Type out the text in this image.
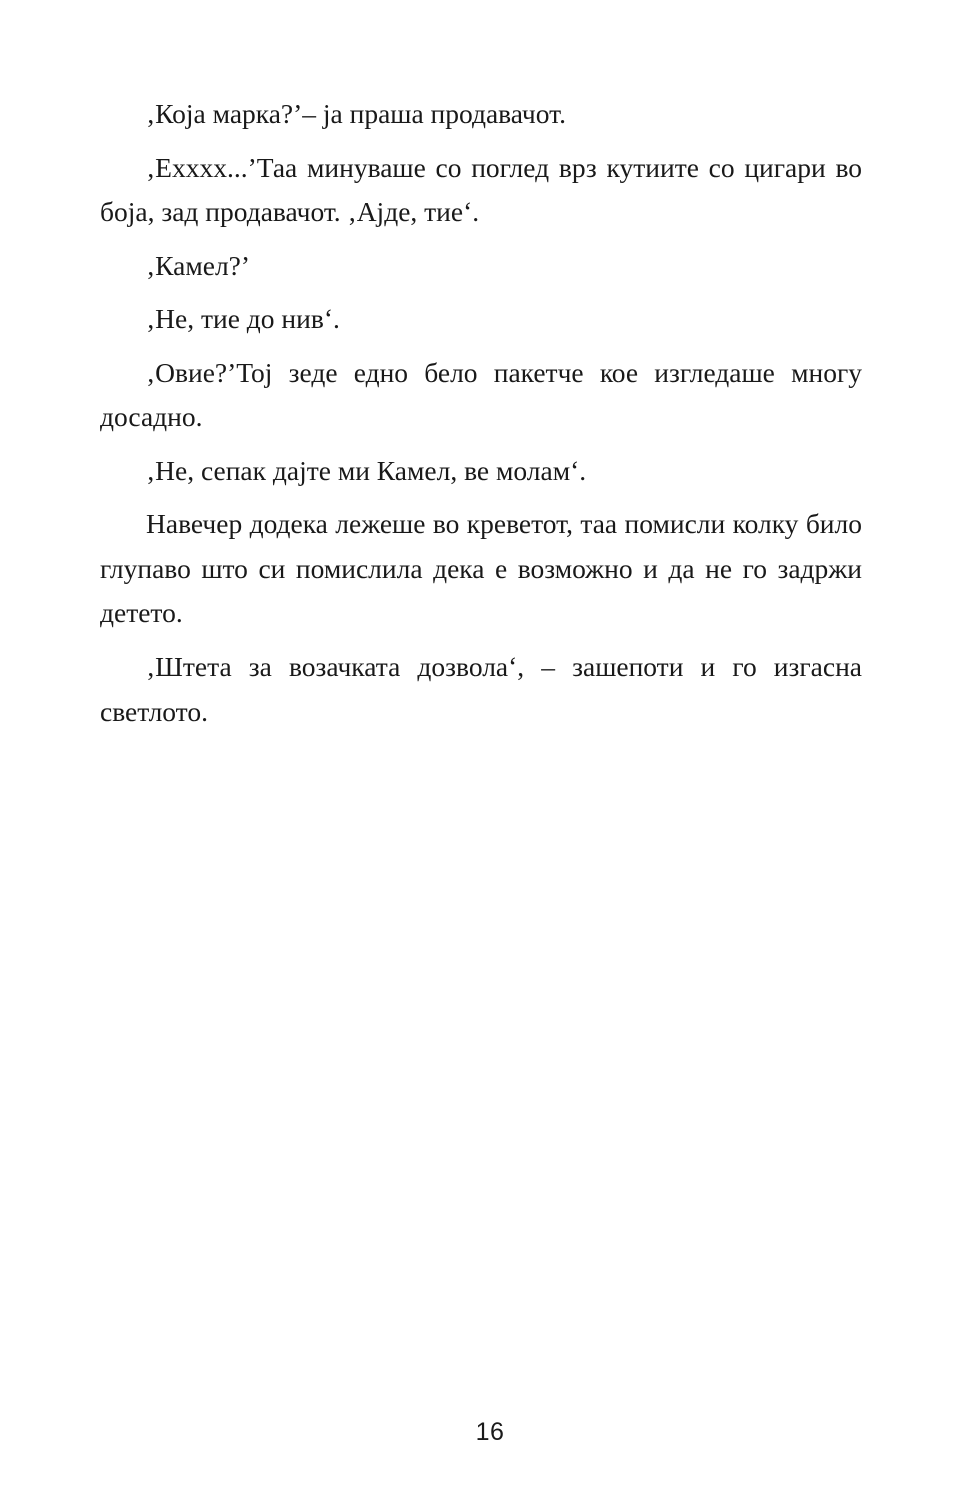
‚Која марка?’– ја праша продавачот.

‚Ехххх...’Таа минуваше со поглед врз кутиите со цигари во боја, зад продавачот. ‚Ајде, тие‘.

‚Камел?’

‚Не, тие до нив‘.

‚Овие?’Тој зеде едно бело пакетче кое изгледаше многу досадно.

‚Не, сепак дајте ми Камел, ве молам‘.

Навечер додека лежеше во креветот, таа помисли колку било глупаво што си помислила дека е возможно и да не го задржи детето.

‚Штета за возачката дозвола‘, – зашепоти и го изгасна светлото.

16
